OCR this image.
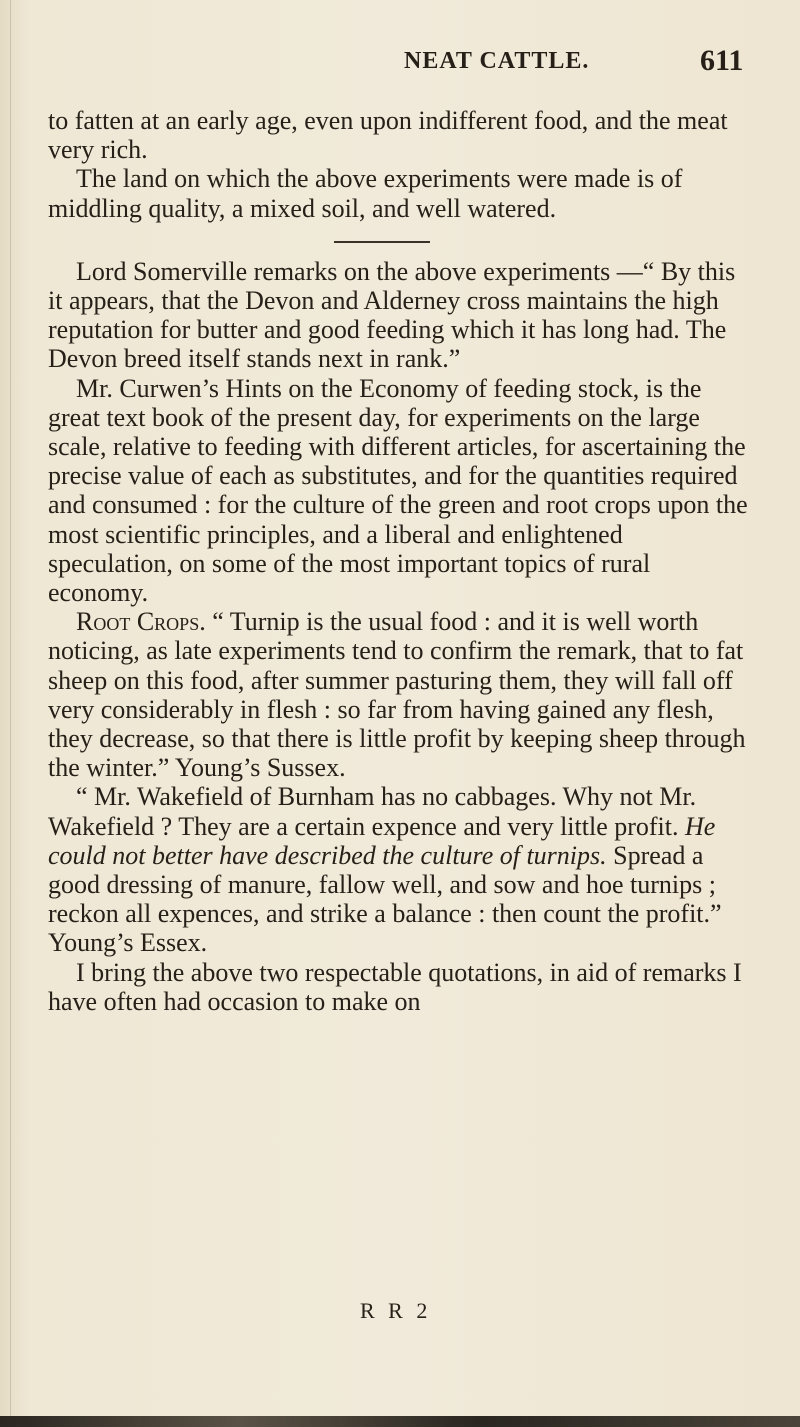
NEAT CATTLE.	611

to fatten at an early age, even upon indifferent food, and the meat very rich.

The land on which the above experiments were made is of middling quality, a mixed soil, and well watered.

Lord Somerville remarks on the above experiments —“ By this it appears, that the Devon and Alderney cross maintains the high reputation for butter and good feeding which it has long had. The Devon breed itself stands next in rank.”

Mr. Curwen’s Hints on the Economy of feeding stock, is the great text book of the present day, for experiments on the large scale, relative to feeding with different articles, for ascertaining the precise value of each as substitutes, and for the quantities required and consumed : for the culture of the green and root crops upon the most scientific principles, and a liberal and enlightened speculation, on some of the most important topics of rural economy.

Root Crops. “ Turnip is the usual food : and it is well worth noticing, as late experiments tend to confirm the remark, that to fat sheep on this food, after summer pasturing them, they will fall off very considerably in flesh : so far from having gained any flesh, they decrease, so that there is little profit by keeping sheep through the winter.” Young’s Sussex.

“ Mr. Wakefield of Burnham has no cabbages. Why not Mr. Wakefield ? They are a certain expence and very little profit. He could not better have described the culture of turnips. Spread a good dressing of manure, fallow well, and sow and hoe turnips ; reckon all expences, and strike a balance : then count the profit.” Young’s Essex.

I bring the above two respectable quotations, in aid of remarks I have often had occasion to make on

R R 2
